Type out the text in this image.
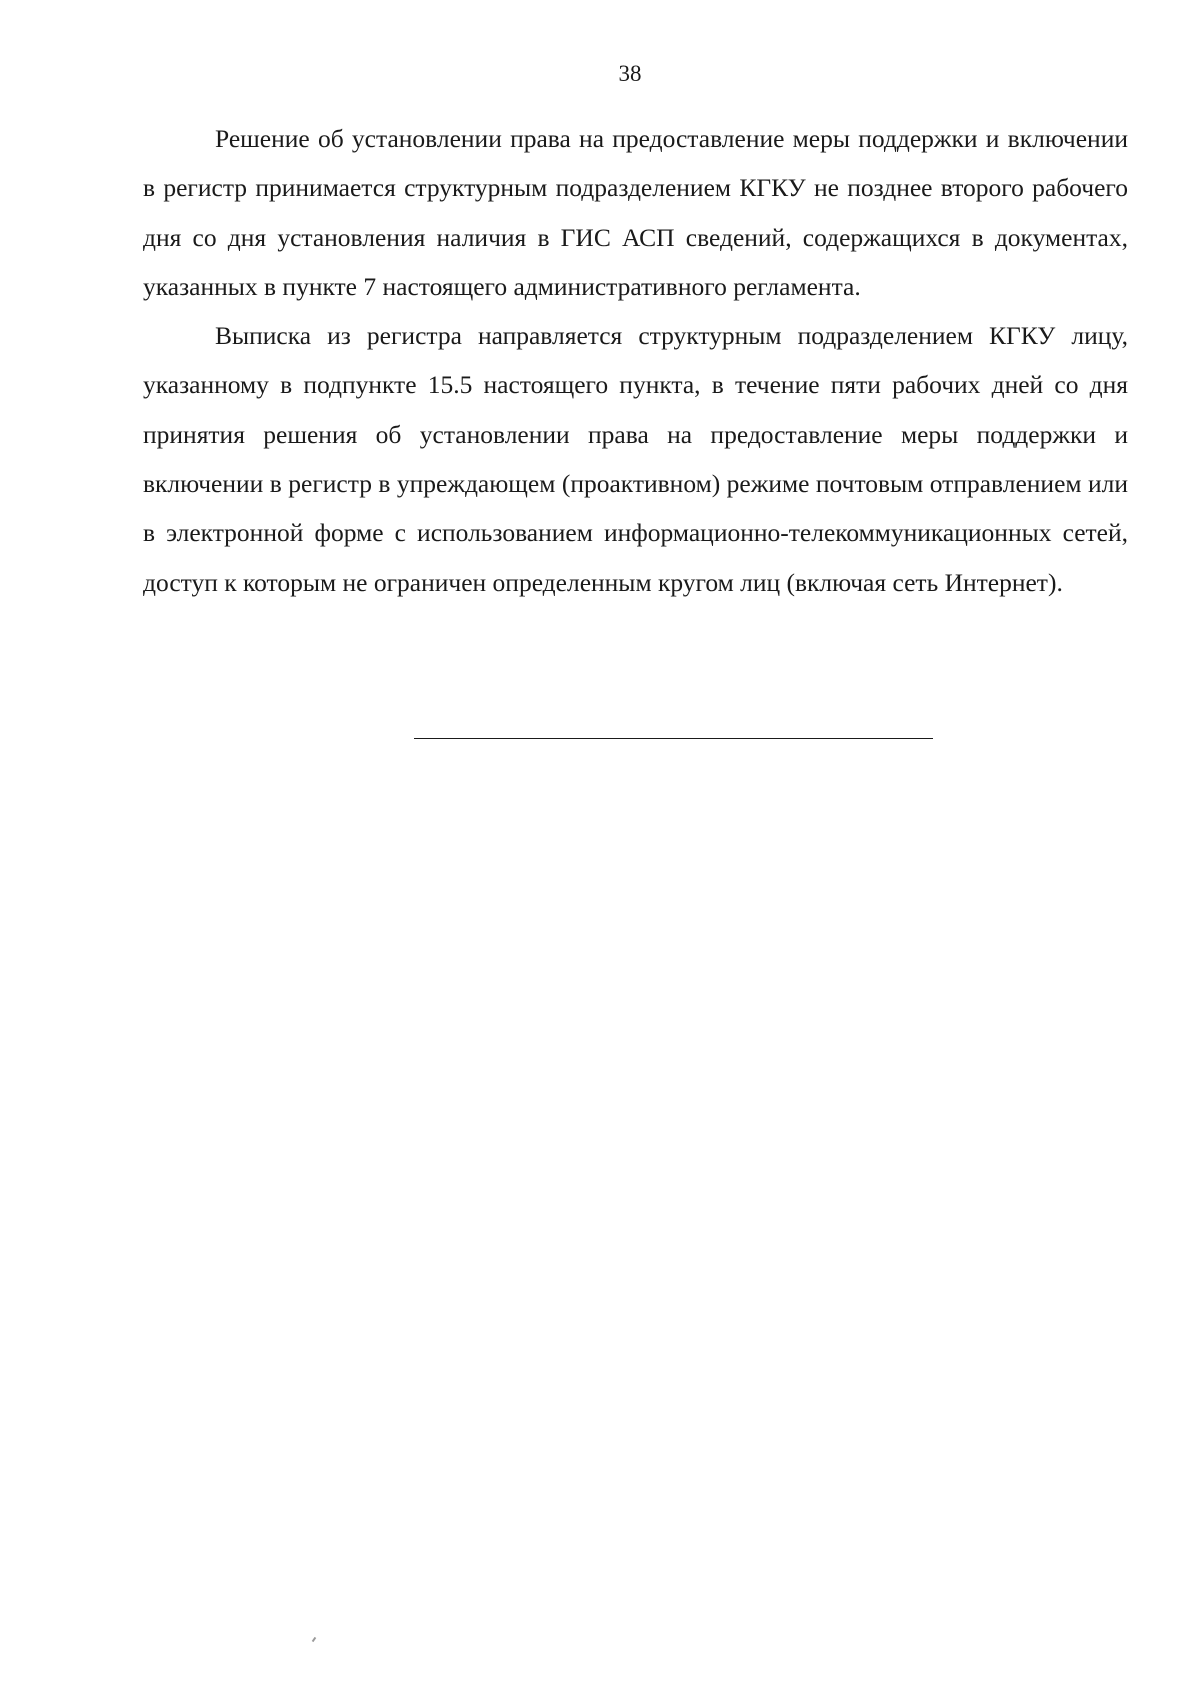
38

Решение об установлении права на предоставление меры поддержки и включении в регистр принимается структурным подразделением КГКУ не позднее второго рабочего дня со дня установления наличия в ГИС АСП сведений, содержащихся в документах, указанных в пункте 7 настоящего административного регламента.

Выписка из регистра направляется структурным подразделением КГКУ лицу, указанному в подпункте 15.5 настоящего пункта, в течение пяти рабочих дней со дня принятия решения об установлении права на предоставление меры поддержки и включении в регистр в упреждающем (проактивном) режиме почтовым отправлением или в электронной форме с использованием информационно-телекоммуникационных сетей, доступ к которым не ограничен определенным кругом лиц (включая сеть Интернет).
